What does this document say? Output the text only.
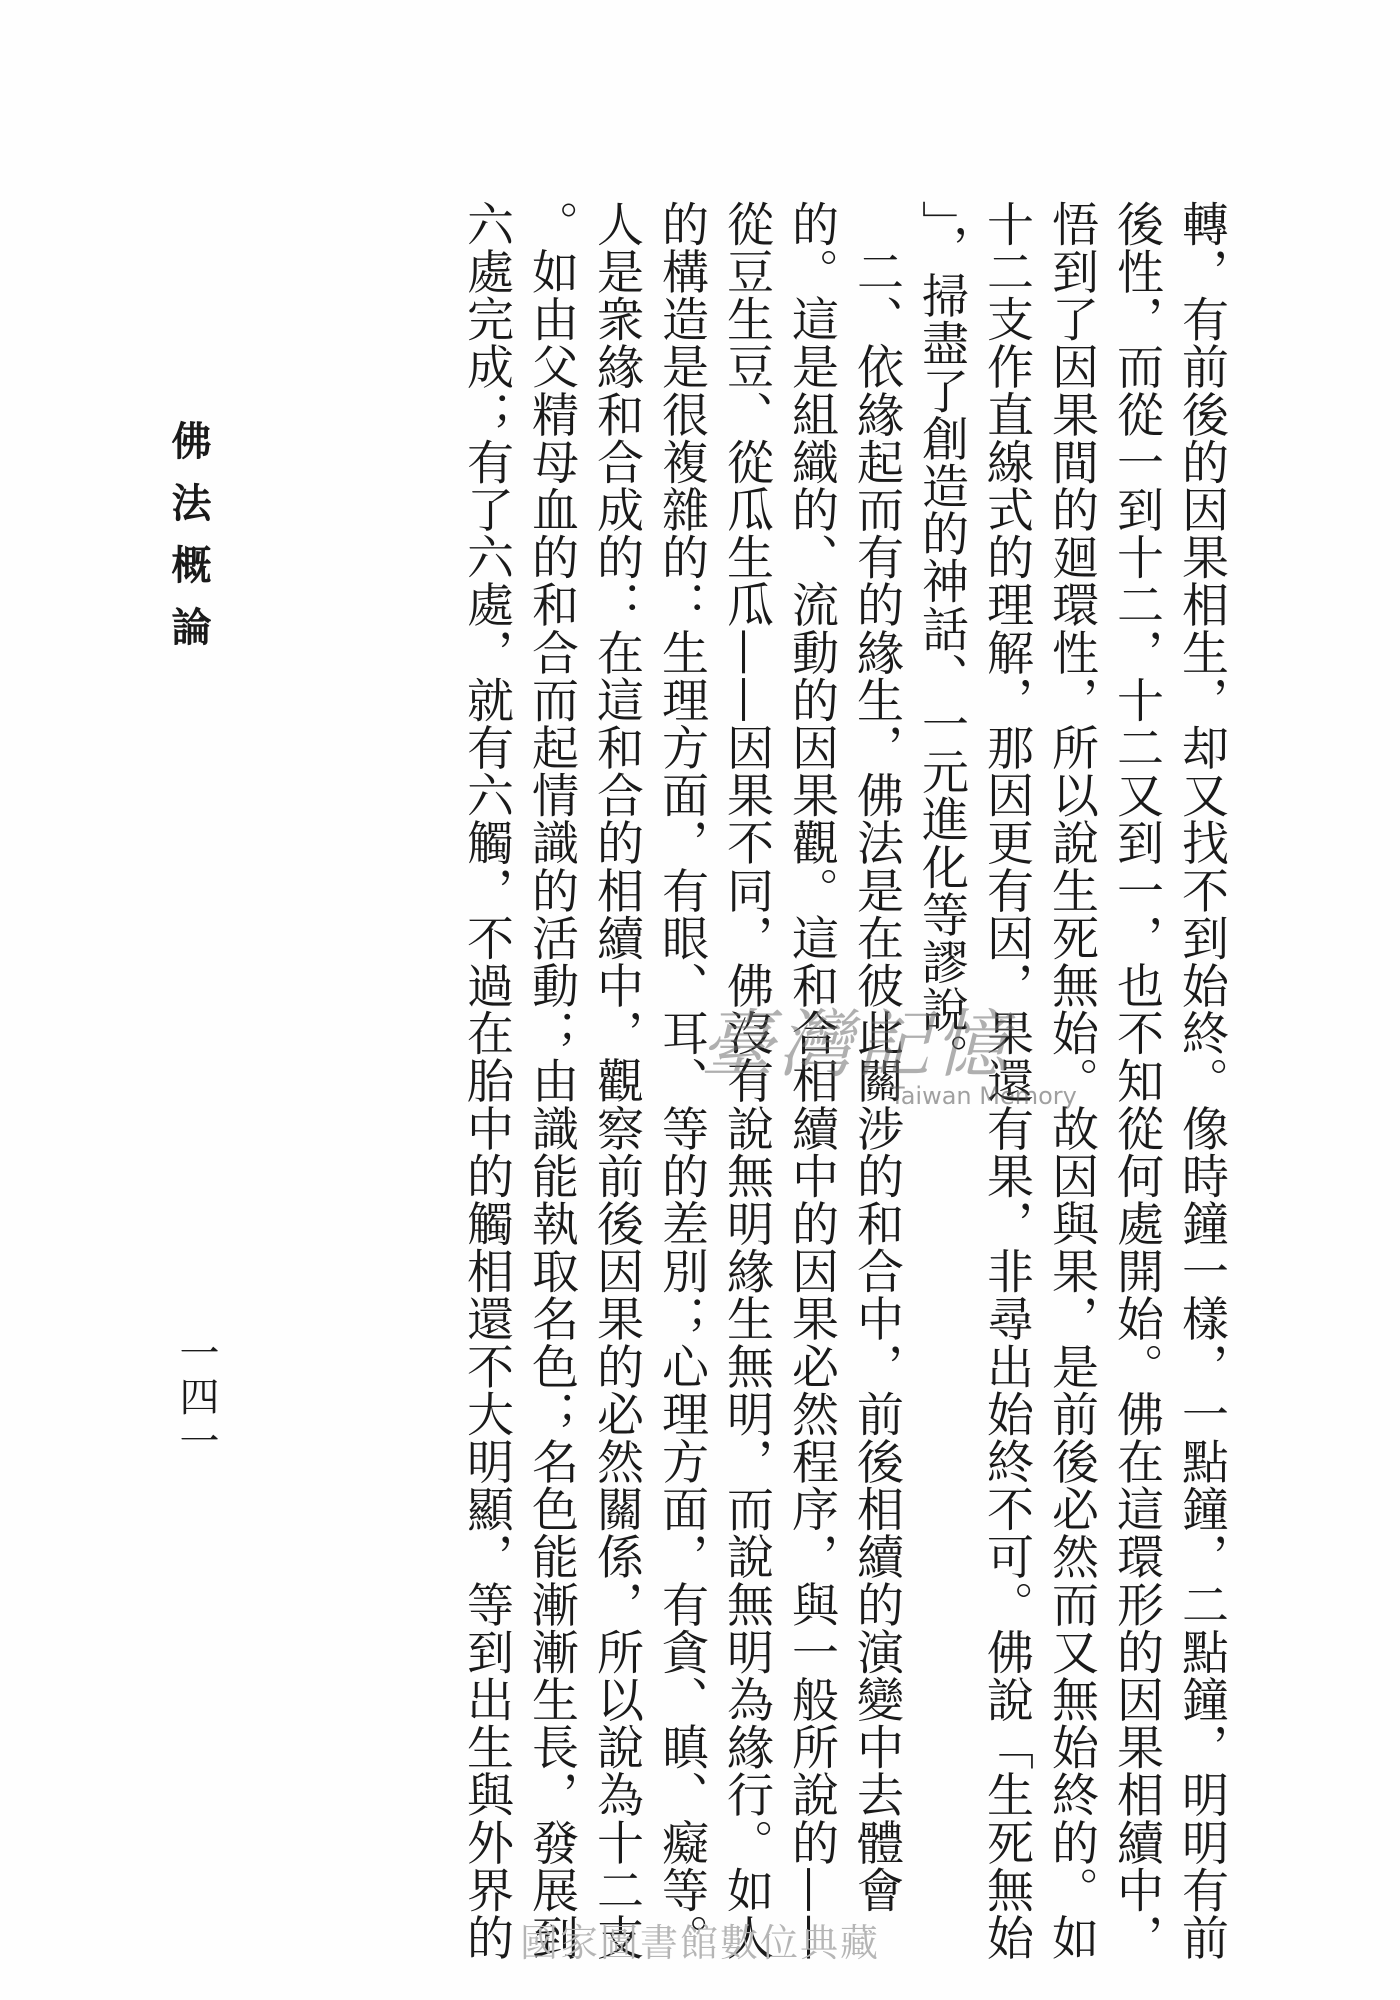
轉，有前後的因果相生，却又找不到始終。像時鐘一樣，一點鐘，二點鐘，明明有前
後性，而從一到十二，十二又到一，也不知從何處開始。佛在這環形的因果相續中，
悟到了因果間的廻環性，所以說生死無始。故因與果，是前後必然而又無始終的。如
十二支作直線式的理解，那因更有因，果還有果，非尋出始終不可。佛說「生死無始
」，掃盡了創造的神話、一元進化等謬說。
　二、依緣起而有的緣生，佛法是在彼此關涉的和合中，前後相續的演變中去體會
的。這是組織的、流動的因果觀。這和合相續中的因果必然程序，與一般所說的——
從豆生豆、從瓜生瓜——因果不同，佛沒有說無明緣生無明，而說無明為緣行。如人
的構造是很複雜的：生理方面，有眼、耳、等的差別；心理方面，有貪、瞋、癡等。
人是衆緣和合成的：在這和合的相續中，觀察前後因果的必然關係，所以說為十二支
。如由父精母血的和合而起情識的活動；由識能執取名色；名色能漸漸生長，發展到
六處完成；有了六處，就有六觸，不過在胎中的觸相還不大明顯，等到出生與外界的
佛法概論
一四一
臺灣記憶
Taiwan Memory
國家圖書館數位典藏
